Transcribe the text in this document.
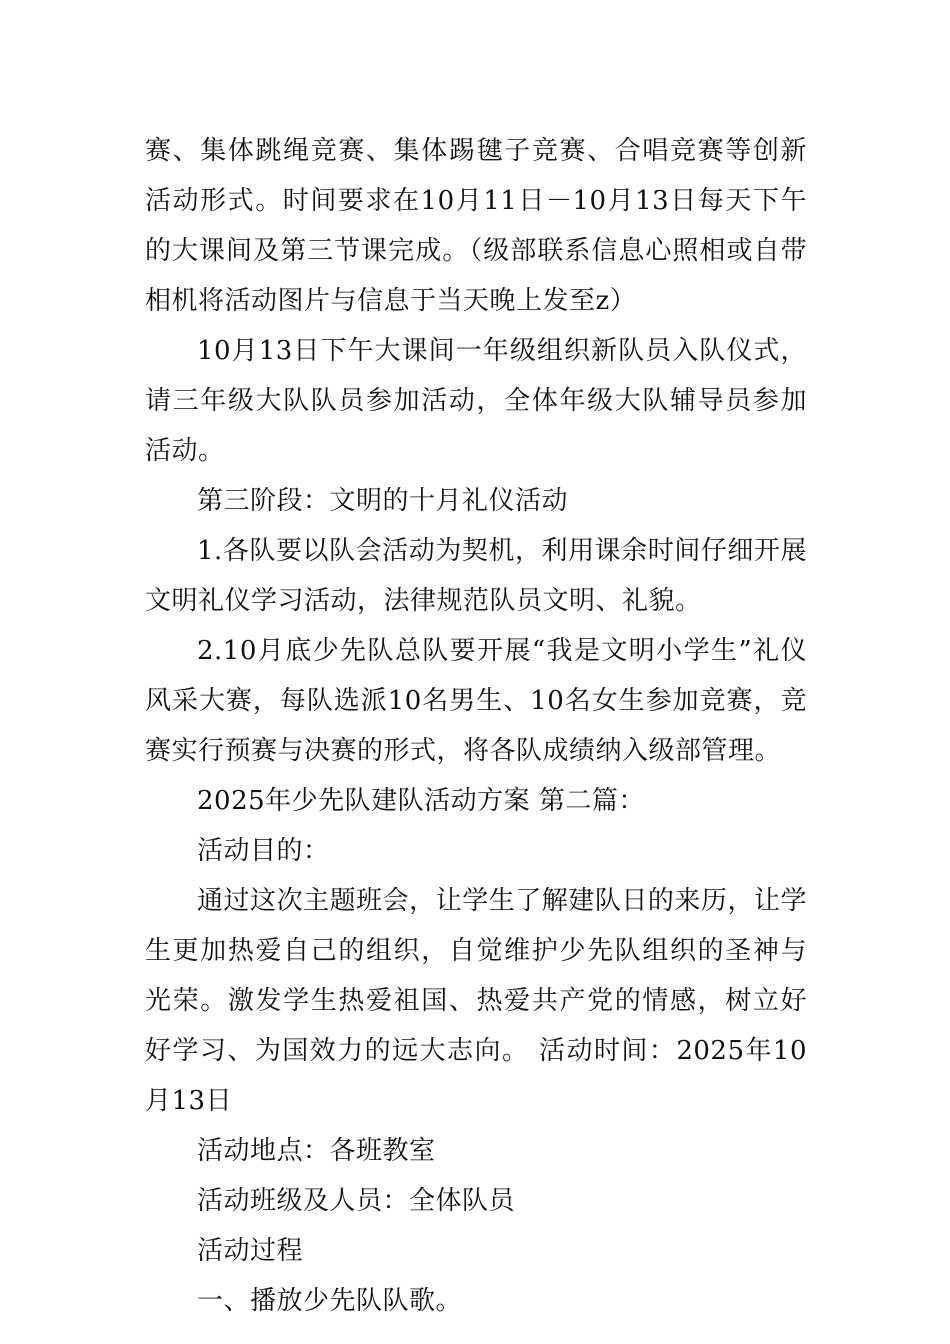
赛、集体跳绳竞赛、集体踢毽子竞赛、合唱竞赛等创新活动形式。时间要求在10月11日－10月13日每天下午的大课间及第三节课完成。（级部联系信息心照相或自带相机将活动图片与信息于当天晚上发至z）

10月13日下午大课间一年级组织新队员入队仪式，请三年级大队队员参加活动，全体年级大队辅导员参加活动。

第三阶段：文明的十月礼仪活动

1.各队要以队会活动为契机，利用课余时间仔细开展文明礼仪学习活动，法律规范队员文明、礼貌。

2.10月底少先队总队要开展“我是文明小学生”礼仪风采大赛，每队选派10名男生、10名女生参加竞赛，竞赛实行预赛与决赛的形式，将各队成绩纳入级部管理。

2025年少先队建队活动方案 第二篇：

活动目的：

通过这次主题班会，让学生了解建队日的来历，让学生更加热爱自己的组织，自觉维护少先队组织的圣神与光荣。激发学生热爱祖国、热爱共产党的情感，树立好好学习、为国效力的远大志向。 活动时间：2025年10月13日

活动地点：各班教室

活动班级及人员：全体队员

活动过程

一、播放少先队队歌。
